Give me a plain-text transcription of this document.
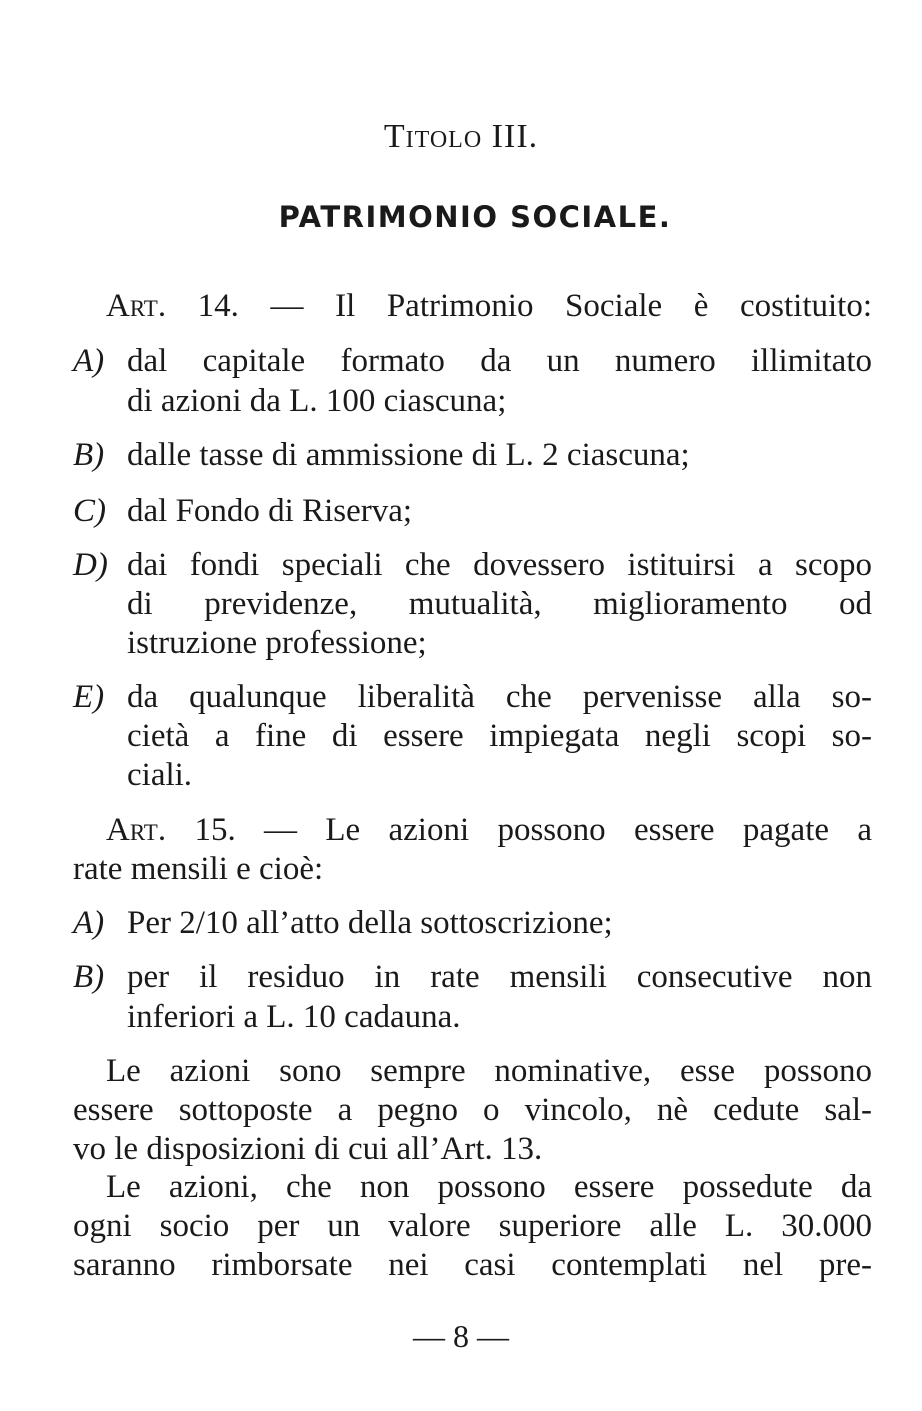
Titolo III.
PATRIMONIO SOCIALE.
Art. 14. — Il Patrimonio Sociale è costituito:
A) dal capitale formato da un numero illimitato
di azioni da L. 100 ciascuna;
B) dalle tasse di ammissione di L. 2 ciascuna;
C) dal Fondo di Riserva;
D) dai fondi speciali che dovessero istituirsi a scopo
di previdenze, mutualità, miglioramento od
istruzione professione;
E) da qualunque liberalità che pervenisse alla so-
cietà a fine di essere impiegata negli scopi so-
ciali.
Art. 15. — Le azioni possono essere pagate a
rate mensili e cioè:
A) Per 2/10 all’atto della sottoscrizione;
B) per il residuo in rate mensili consecutive non
inferiori a L. 10 cadauna.
Le azioni sono sempre nominative, esse possono
essere sottoposte a pegno o vincolo, nè cedute sal-
vo le disposizioni di cui all’Art. 13.
Le azioni, che non possono essere possedute da
ogni socio per un valore superiore alle L. 30.000
saranno rimborsate nei casi contemplati nel pre-
— 8 —
